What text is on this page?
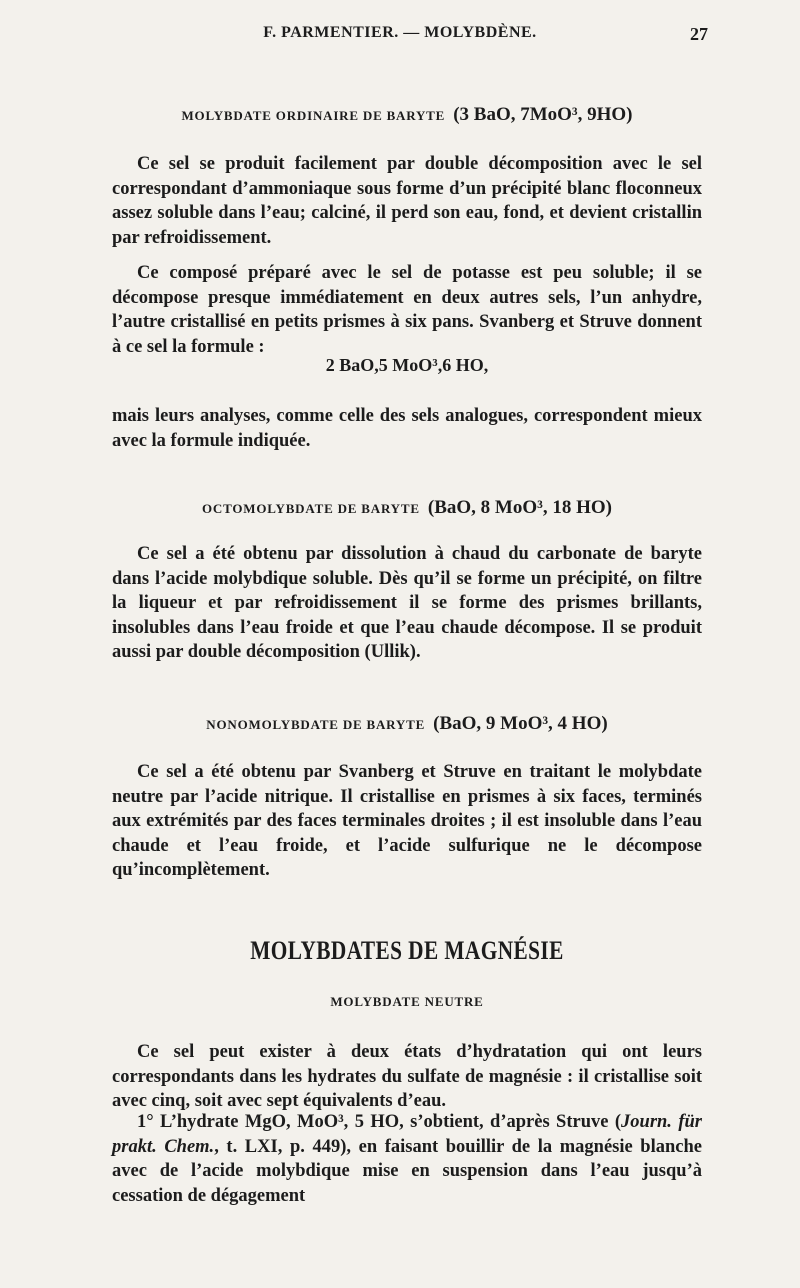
F. PARMENTIER. — MOLYBDÈNE.	27
MOLYBDATE ORDINAIRE DE BARYTE (3 BaO, 7MoO³, 9HO)

Ce sel se produit facilement par double décomposition avec le sel correspondant d’ammoniaque sous forme d’un précipité blanc floconneux assez soluble dans l’eau; calciné, il perd son eau, fond, et devient cristallin par refroidissement.

Ce composé préparé avec le sel de potasse est peu soluble; il se décompose presque immédiatement en deux autres sels, l’un anhydre, l’autre cristallisé en petits prismes à six pans. Svanberg et Struve donnent à ce sel la formule :

2 BaO,5 MoO³,6 HO,

mais leurs analyses, comme celle des sels analogues, correspondent mieux avec la formule indiquée.

OCTOMOLYBDATE DE BARYTE (BaO, 8 MoO³, 18 HO)

Ce sel a été obtenu par dissolution à chaud du carbonate de baryte dans l’acide molybdique soluble. Dès qu’il se forme un précipité, on filtre la liqueur et par refroidissement il se forme des prismes brillants, insolubles dans l’eau froide et que l’eau chaude décompose. Il se produit aussi par double décomposition (Ullik).

NONOMOLYBDATE DE BARYTE (BaO, 9 MoO³, 4 HO)

Ce sel a été obtenu par Svanberg et Struve en traitant le molybdate neutre par l’acide nitrique. Il cristallise en prismes à six faces, terminés aux extrémités par des faces terminales droites ; il est insoluble dans l’eau chaude et l’eau froide, et l’acide sulfurique ne le décompose qu’incomplètement.

MOLYBDATES DE MAGNÉSIE
MOLYBDATE NEUTRE

Ce sel peut exister à deux états d’hydratation qui ont leurs correspondants dans les hydrates du sulfate de magnésie : il cristallise soit avec cinq, soit avec sept équivalents d’eau.

1° L’hydrate MgO, MoO³, 5 HO, s’obtient, d’après Struve (Journ. für prakt. Chem., t. LXI, p. 449), en faisant bouillir de la magnésie blanche avec de l’acide molybdique mise en suspension dans l’eau jusqu’à cessation de dégagement
